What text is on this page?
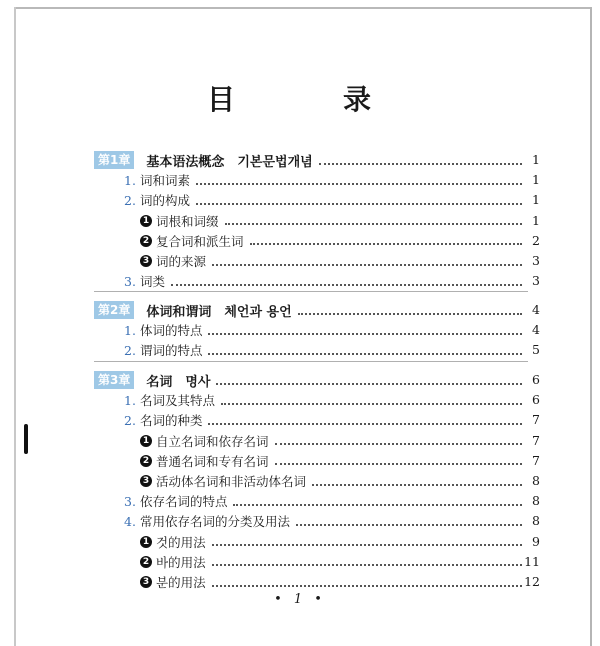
目　录
第1章	基本语法概念　기본문법개념	1
1. 词和词素	1
2. 词的构成	1
1 词根和词缀	1
2 复合词和派生词	2
3 词的来源	3
3. 词类	3
第2章	体词和谓词　체언과 용언	4
1. 体词的特点	4
2. 谓词的特点	5
第3章	名词　명사	6
1. 名词及其特点	6
2. 名词的种类	7
1 自立名词和依存名词	7
2 普通名词和专有名词	7
3 活动体名词和非活动体名词	8
3. 依存名词的特点	8
4. 常用依存名词的分类及用法	8
1 것的用法	9
2 바的用法	11
3 분的用法	12
• 1 •
